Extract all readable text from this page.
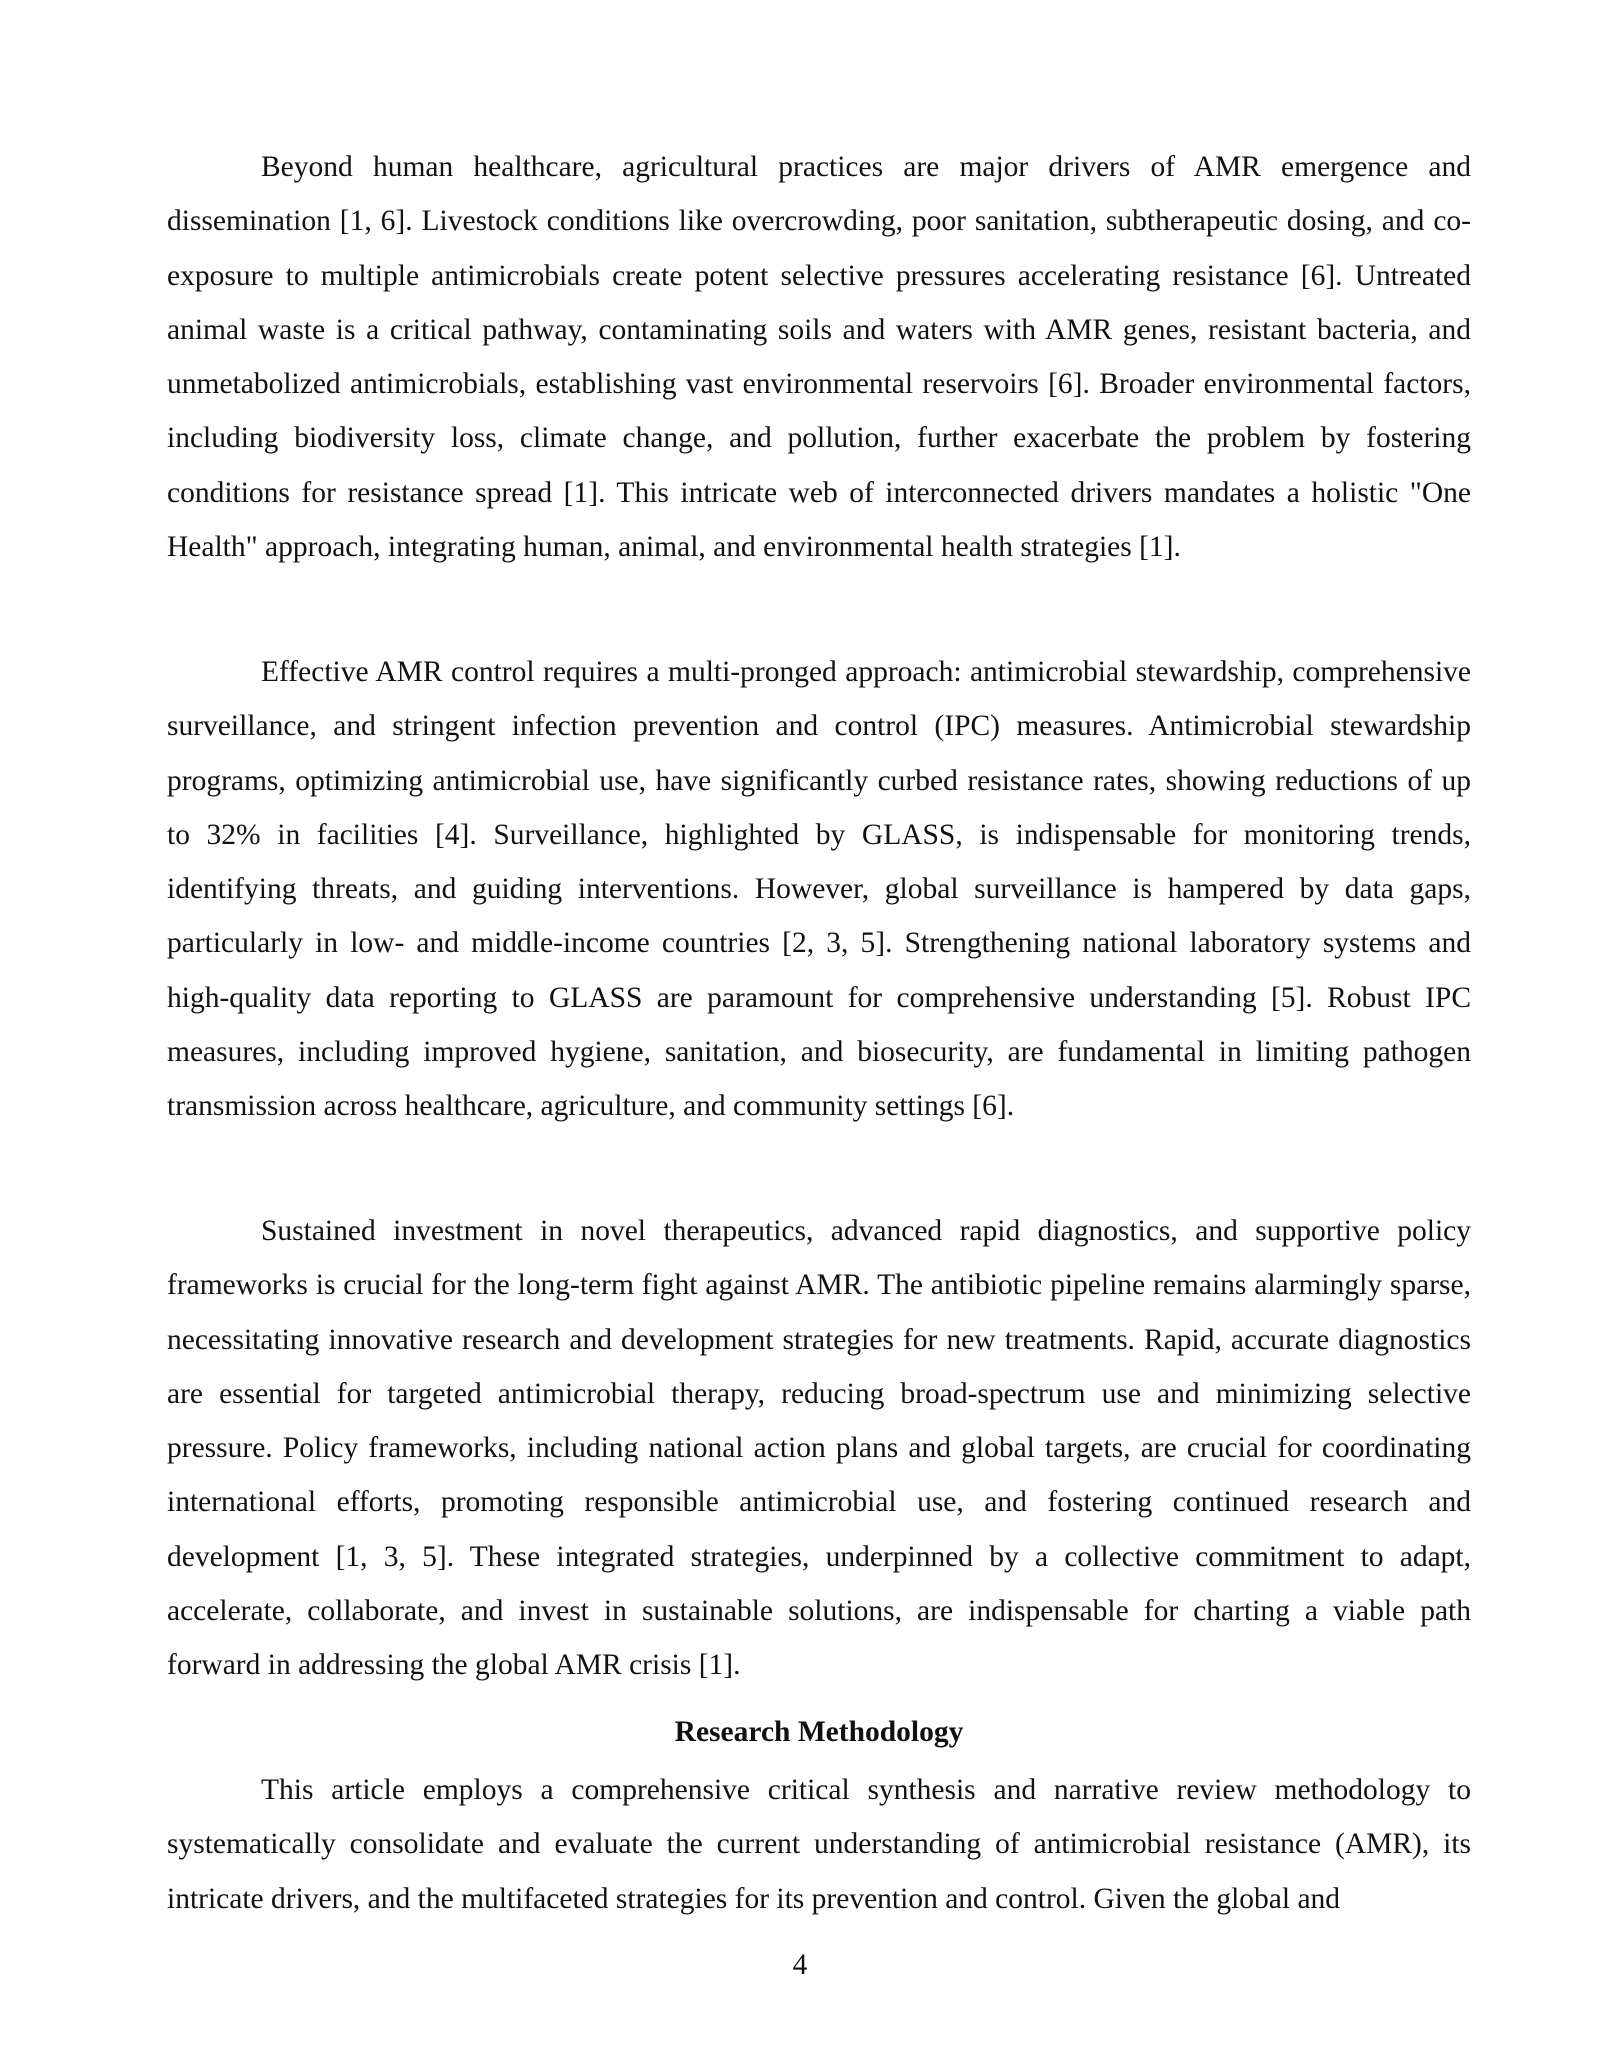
Beyond human healthcare, agricultural practices are major drivers of AMR emergence and dissemination [1, 6]. Livestock conditions like overcrowding, poor sanitation, subtherapeutic dosing, and co-exposure to multiple antimicrobials create potent selective pressures accelerating resistance [6]. Untreated animal waste is a critical pathway, contaminating soils and waters with AMR genes, resistant bacteria, and unmetabolized antimicrobials, establishing vast environmental reservoirs [6]. Broader environmental factors, including biodiversity loss, climate change, and pollution, further exacerbate the problem by fostering conditions for resistance spread [1]. This intricate web of interconnected drivers mandates a holistic "One Health" approach, integrating human, animal, and environmental health strategies [1].

Effective AMR control requires a multi-pronged approach: antimicrobial stewardship, comprehensive surveillance, and stringent infection prevention and control (IPC) measures. Antimicrobial stewardship programs, optimizing antimicrobial use, have significantly curbed resistance rates, showing reductions of up to 32% in facilities [4]. Surveillance, highlighted by GLASS, is indispensable for monitoring trends, identifying threats, and guiding interventions. However, global surveillance is hampered by data gaps, particularly in low- and middle-income countries [2, 3, 5]. Strengthening national laboratory systems and high-quality data reporting to GLASS are paramount for comprehensive understanding [5]. Robust IPC measures, including improved hygiene, sanitation, and biosecurity, are fundamental in limiting pathogen transmission across healthcare, agriculture, and community settings [6].

Sustained investment in novel therapeutics, advanced rapid diagnostics, and supportive policy frameworks is crucial for the long-term fight against AMR. The antibiotic pipeline remains alarmingly sparse, necessitating innovative research and development strategies for new treatments. Rapid, accurate diagnostics are essential for targeted antimicrobial therapy, reducing broad-spectrum use and minimizing selective pressure. Policy frameworks, including national action plans and global targets, are crucial for coordinating international efforts, promoting responsible antimicrobial use, and fostering continued research and development [1, 3, 5]. These integrated strategies, underpinned by a collective commitment to adapt, accelerate, collaborate, and invest in sustainable solutions, are indispensable for charting a viable path forward in addressing the global AMR crisis [1].

Research Methodology

This article employs a comprehensive critical synthesis and narrative review methodology to systematically consolidate and evaluate the current understanding of antimicrobial resistance (AMR), its intricate drivers, and the multifaceted strategies for its prevention and control. Given the global and

4
